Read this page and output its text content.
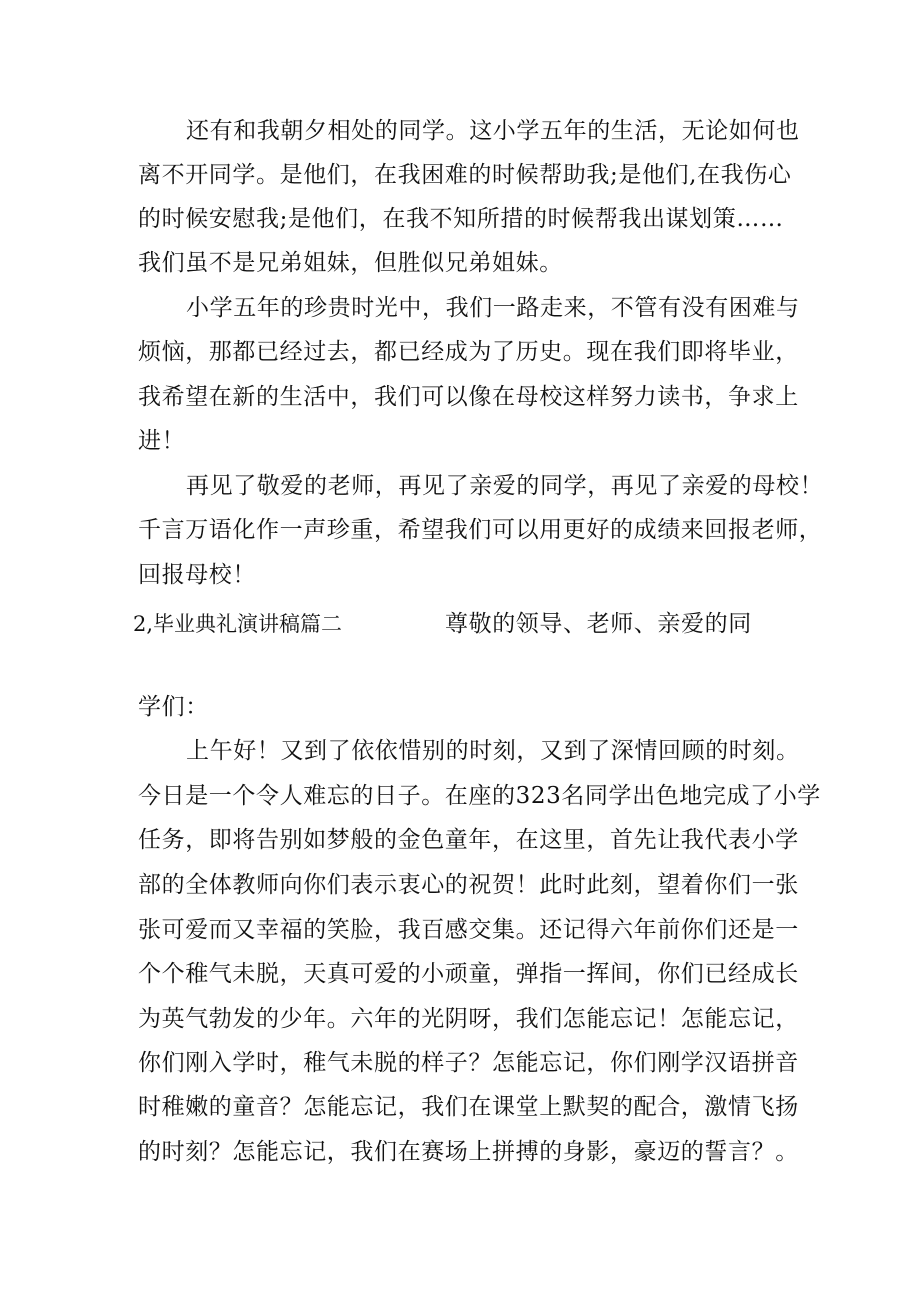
还有和我朝夕相处的同学。这小学五年的生活，无论如何也
离不开同学。是他们，在我困难的时候帮助我;是他们,在我伤心
的时候安慰我;是他们，在我不知所措的时候帮我出谋划策……
我们虽不是兄弟姐妹，但胜似兄弟姐妹。
小学五年的珍贵时光中，我们一路走来，不管有没有困难与
烦恼，那都已经过去，都已经成为了历史。现在我们即将毕业，
我希望在新的生活中，我们可以像在母校这样努力读书，争求上
进！
再见了敬爱的老师，再见了亲爱的同学，再见了亲爱的母校！
千言万语化作一声珍重，希望我们可以用更好的成绩来回报老师，
回报母校！
2,毕业典礼演讲稿篇二	尊敬的领导、老师、亲爱的同
学们：
上午好！又到了依依惜别的时刻，又到了深情回顾的时刻。
今日是一个令人难忘的日子。在座的323名同学出色地完成了小学
任务，即将告别如梦般的金色童年，在这里，首先让我代表小学
部的全体教师向你们表示衷心的祝贺！此时此刻，望着你们一张
张可爱而又幸福的笑脸，我百感交集。还记得六年前你们还是一
个个稚气未脱，天真可爱的小顽童，弹指一挥间，你们已经成长
为英气勃发的少年。六年的光阴呀，我们怎能忘记！怎能忘记，
你们刚入学时，稚气未脱的样子？怎能忘记，你们刚学汉语拼音
时稚嫩的童音？怎能忘记，我们在课堂上默契的配合，激情飞扬
的时刻？怎能忘记，我们在赛场上拼搏的身影，豪迈的誓言？。
